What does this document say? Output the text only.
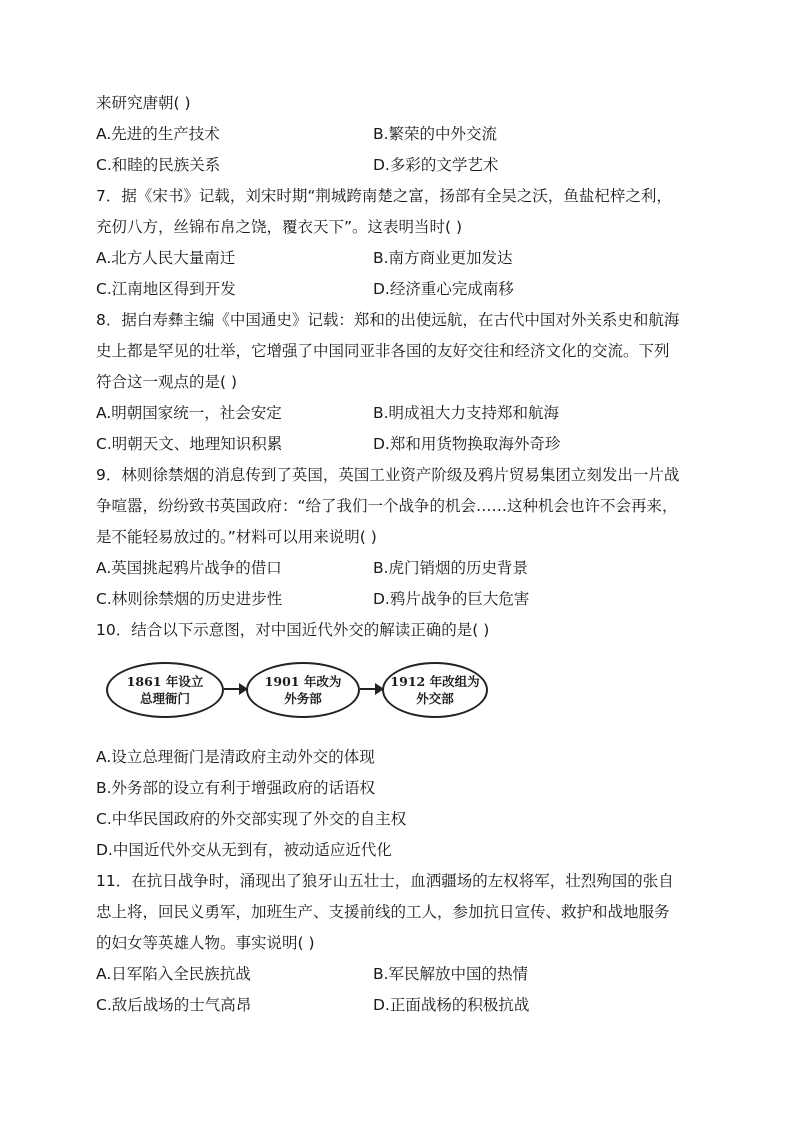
来研究唐朝( )
A.先进的生产技术	B.繁荣的中外交流
C.和睦的民族关系	D.多彩的文学艺术
7．据《宋书》记载，刘宋时期“荆城跨南楚之富，扬部有全吴之沃，鱼盐杞梓之利，
充仞八方，丝锦布帛之饶，覆衣天下”。这表明当时( )
A.北方人民大量南迁	B.南方商业更加发达
C.江南地区得到开发	D.经济重心完成南移
8．据白寿彝主编《中国通史》记载：郑和的出使远航，在古代中国对外关系史和航海
史上都是罕见的壮举，它增强了中国同亚非各国的友好交往和经济文化的交流。下列
符合这一观点的是( )
A.明朝国家统一，社会安定	B.明成祖大力支持郑和航海
C.明朝天文、地理知识积累	D.郑和用货物换取海外奇珍
9．林则徐禁烟的消息传到了英国，英国工业资产阶级及鸦片贸易集团立刻发出一片战
争喧嚣，纷纷致书英国政府：“给了我们一个战争的机会……这种机会也许不会再来，
是不能轻易放过的。”材料可以用来说明( )
A.英国挑起鸦片战争的借口	B.虎门销烟的历史背景
C.林则徐禁烟的历史进步性	D.鸦片战争的巨大危害
10．结合以下示意图，对中国近代外交的解读正确的是( )
1861 年设立
总理衙门
1901 年改为
外务部
1912 年改组为
外交部
A.设立总理衙门是清政府主动外交的体现
B.外务部的设立有利于增强政府的话语权
C.中华民国政府的外交部实现了外交的自主权
D.中国近代外交从无到有，被动适应近代化
11．在抗日战争时，涌现出了狼牙山五壮士，血洒疆场的左权将军，壮烈殉国的张自
忠上将，回民义勇军，加班生产、支援前线的工人，参加抗日宣传、救护和战地服务
的妇女等英雄人物。事实说明( )
A.日军陷入全民族抗战	B.军民解放中国的热情
C.敌后战场的士气高昂	D.正面战杨的积极抗战
